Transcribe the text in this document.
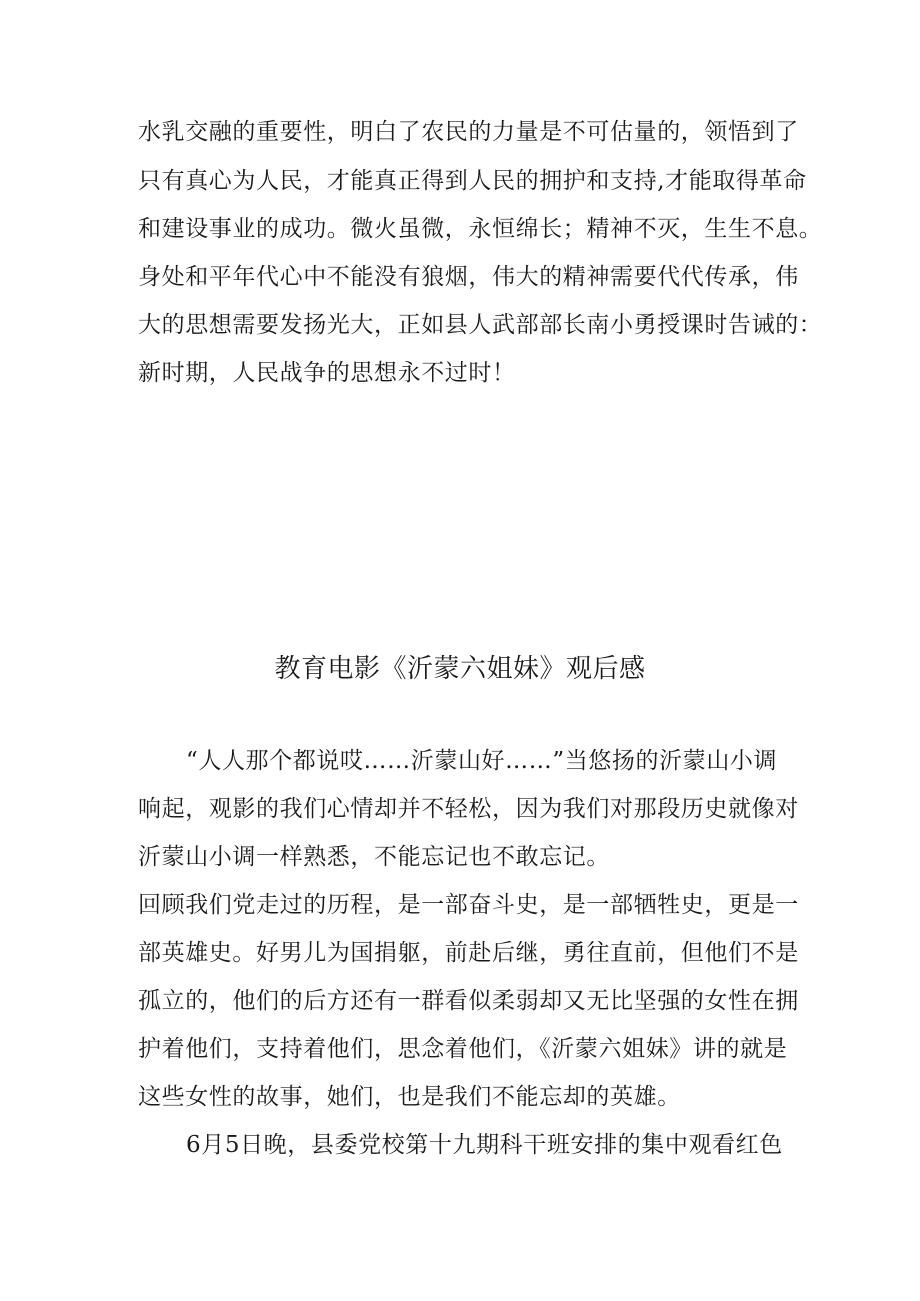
水乳交融的重要性，明白了农民的力量是不可估量的，领悟到了
只有真心为人民，才能真正得到人民的拥护和支持,才能取得革命
和建设事业的成功。微火虽微，永恒绵长；精神不灭，生生不息。
身处和平年代心中不能没有狼烟，伟大的精神需要代代传承，伟
大的思想需要发扬光大，正如县人武部部长南小勇授课时告诫的：
新时期，人民战争的思想永不过时！
教育电影《沂蒙六姐妹》观后感
“人人那个都说哎……沂蒙山好……”当悠扬的沂蒙山小调
响起，观影的我们心情却并不轻松，因为我们对那段历史就像对
沂蒙山小调一样熟悉，不能忘记也不敢忘记。
回顾我们党走过的历程，是一部奋斗史，是一部牺牲史，更是一
部英雄史。好男儿为国捐躯，前赴后继，勇往直前，但他们不是
孤立的，他们的后方还有一群看似柔弱却又无比坚强的女性在拥
护着他们，支持着他们，思念着他们，《沂蒙六姐妹》讲的就是
这些女性的故事，她们，也是我们不能忘却的英雄。
6月5日晚，县委党校第十九期科干班安排的集中观看红色
